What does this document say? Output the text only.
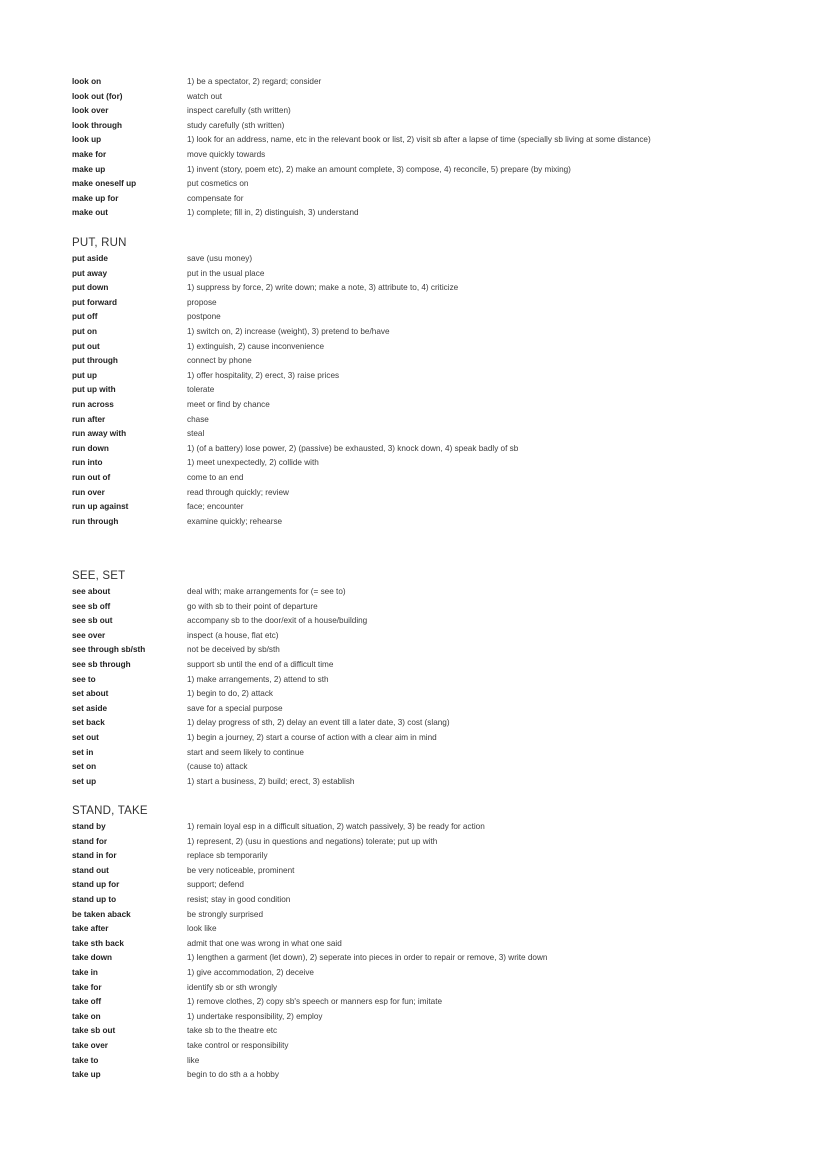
look on	1) be a spectator, 2) regard; consider
look out (for)	watch out
look over	inspect carefully (sth written)
look through	study carefully (sth written)
look up	1) look for an address, name, etc in the relevant book or list, 2) visit sb after a lapse of time (specially sb living at some distance)
make for	move quickly towards
make up	1) invent (story, poem etc), 2) make an amount complete, 3) compose, 4) reconcile, 5) prepare (by mixing)
make oneself up	put cosmetics on
make up for	compensate for
make out	1) complete; fill in, 2) distinguish, 3) understand
PUT, RUN
put aside	save (usu money)
put away	put in the usual place
put down	1) suppress by force, 2) write down; make a note, 3) attribute to, 4) criticize
put forward	propose
put off	postpone
put on	1) switch on, 2) increase (weight), 3) pretend to be/have
put out	1) extinguish, 2) cause inconvenience
put through	connect by phone
put up	1) offer hospitality, 2) erect, 3) raise prices
put up with	tolerate
run across	meet or find by chance
run after	chase
run away with	steal
run down	1) (of a battery) lose power, 2) (passive) be exhausted, 3) knock down, 4) speak badly of sb
run into	1) meet unexpectedly, 2) collide with
run out of	come to an end
run over	read through quickly; review
run up against	face; encounter
run through	examine quickly; rehearse
SEE, SET
see about	deal with; make arrangements for (= see to)
see sb off	go with sb to their point of departure
see sb out	accompany sb to the door/exit of a house/building
see over	inspect (a house, flat etc)
see through sb/sth	not be deceived by sb/sth
see sb through	support sb until the end of a difficult time
see to	1) make arrangements, 2) attend to sth
set about	1) begin to do, 2) attack
set aside	save for a special purpose
set back	1) delay progress of sth, 2) delay an event till a later date, 3) cost (slang)
set out	1) begin a journey, 2) start a course of action with a clear aim in mind
set in	start and seem likely to continue
set on	(cause to) attack
set up	1) start a business, 2) build; erect, 3) establish
STAND, TAKE
stand by	1) remain loyal esp in a difficult situation, 2) watch passively, 3) be ready for action
stand for	1) represent, 2) (usu in questions and negations) tolerate; put up with
stand in for	replace sb temporarily
stand out	be very noticeable, prominent
stand up for	support; defend
stand up to	resist; stay in good condition
be taken aback	be strongly surprised
take after	look like
take sth back	admit that one was wrong in what one said
take down	1) lengthen a garment (let down), 2) seperate into pieces in order to repair or remove, 3) write down
take in	1) give accommodation, 2) deceive
take for	identify sb or sth wrongly
take off	1) remove clothes, 2) copy sb's speech or manners esp for fun; imitate
take on	1) undertake responsibility, 2) employ
take sb out	take sb to the theatre etc
take over	take control or responsibility
take to	like
take up	begin to do sth a a hobby
